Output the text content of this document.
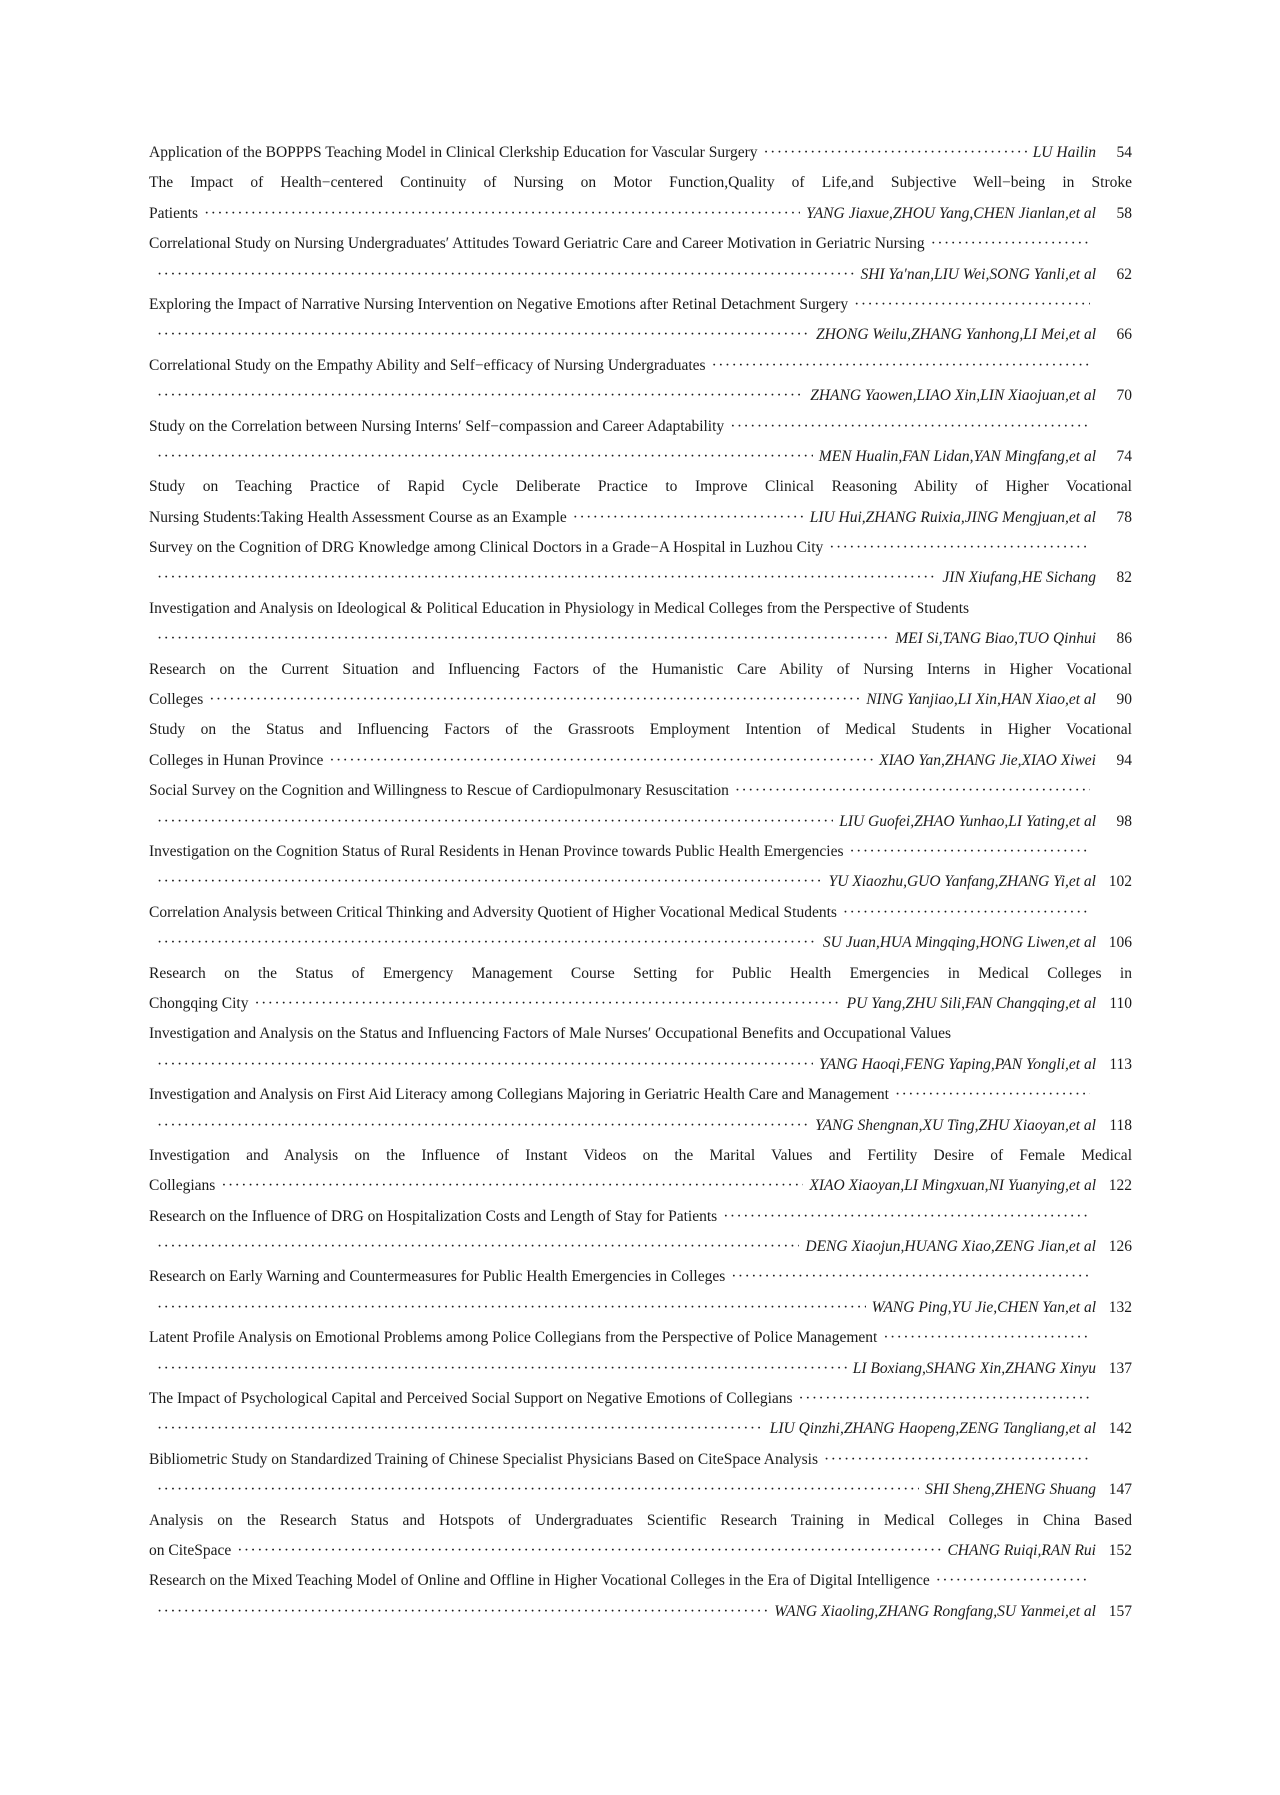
Application of the BOPPPS Teaching Model in Clinical Clerkship Education for Vascular Surgery ·····	LU Hailin	54
The Impact of Health−centered Continuity of Nursing on Motor Function,Quality of Life,and Subjective Well−being in Stroke
Patients ·····	YANG Jiaxue,ZHOU Yang,CHEN Jianlan,et al	58
Correlational Study on Nursing Undergraduates′ Attitudes Toward Geriatric Care and Career Motivation in Geriatric Nursing
·····
·····
SHI Ya′nan,LIU Wei,SONG Yanli,et al	62
Exploring the Impact of Narrative Nursing Intervention on Negative Emotions after Retinal Detachment Surgery
·····
·····
ZHONG Weilu,ZHANG Yanhong,LI Mei,et al	66
Correlational Study on the Empathy Ability and Self−efficacy of Nursing Undergraduates
·····
·····
ZHANG Yaowen,LIAO Xin,LIN Xiaojuan,et al	70
Study on the Correlation between Nursing Interns′ Self−compassion and Career Adaptability
·····
·····
MEN Hualin,FAN Lidan,YAN Mingfang,et al	74
Study on Teaching Practice of Rapid Cycle Deliberate Practice to Improve Clinical Reasoning Ability of Higher Vocational
Nursing Students:Taking Health Assessment Course as an Example ·····	LIU Hui,ZHANG Ruixia,JING Mengjuan,et al	78
Survey on the Cognition of DRG Knowledge among Clinical Doctors in a Grade−A Hospital in Luzhou City
·····
·····
JIN Xiufang,HE Sichang	82
Investigation and Analysis on Ideological & Political Education in Physiology in Medical Colleges from the Perspective of Students
·····
MEI Si,TANG Biao,TUO Qinhui	86
Research on the Current Situation and Influencing Factors of the Humanistic Care Ability of Nursing Interns in Higher Vocational
Colleges ·····	NING Yanjiao,LI Xin,HAN Xiao,et al	90
Study on the Status and Influencing Factors of the Grassroots Employment Intention of Medical Students in Higher Vocational
Colleges in Hunan Province ·····	XIAO Yan,ZHANG Jie,XIAO Xiwei	94
Social Survey on the Cognition and Willingness to Rescue of Cardiopulmonary Resuscitation
·····
·····
LIU Guofei,ZHAO Yunhao,LI Yating,et al	98
Investigation on the Cognition Status of Rural Residents in Henan Province towards Public Health Emergencies
·····
·····
YU Xiaozhu,GUO Yanfang,ZHANG Yi,et al 102
Correlation Analysis between Critical Thinking and Adversity Quotient of Higher Vocational Medical Students
·····
·····
SU Juan,HUA Mingqing,HONG Liwen,et al 106
Research on the Status of Emergency Management Course Setting for Public Health Emergencies in Medical Colleges in
Chongqing City ·····	PU Yang,ZHU Sili,FAN Changqing,et al 110
Investigation and Analysis on the Status and Influencing Factors of Male Nurses′ Occupational Benefits and Occupational Values
·····
YANG Haoqi,FENG Yaping,PAN Yongli,et al 113
Investigation and Analysis on First Aid Literacy among Collegians Majoring in Geriatric Health Care and Management
·····
·····
YANG Shengnan,XU Ting,ZHU Xiaoyan,et al 118
Investigation and Analysis on the Influence of Instant Videos on the Marital Values and Fertility Desire of Female Medical
Collegians ·····	XIAO Xiaoyan,LI Mingxuan,NI Yuanying,et al 122
Research on the Influence of DRG on Hospitalization Costs and Length of Stay for Patients
·····
·····
DENG Xiaojun,HUANG Xiao,ZENG Jian,et al 126
Research on Early Warning and Countermeasures for Public Health Emergencies in Colleges
·····
·····
WANG Ping,YU Jie,CHEN Yan,et al 132
Latent Profile Analysis on Emotional Problems among Police Collegians from the Perspective of Police Management
·····
·····
LI Boxiang,SHANG Xin,ZHANG Xinyu 137
The Impact of Psychological Capital and Perceived Social Support on Negative Emotions of Collegians
·····
·····
LIU Qinzhi,ZHANG Haopeng,ZENG Tangliang,et al 142
Bibliometric Study on Standardized Training of Chinese Specialist Physicians Based on CiteSpace Analysis
·····
·····
SHI Sheng,ZHENG Shuang 147
Analysis on the Research Status and Hotspots of Undergraduates Scientific Research Training in Medical Colleges in China Based
on CiteSpace ·····	CHANG Ruiqi,RAN Rui 152
Research on the Mixed Teaching Model of Online and Offline in Higher Vocational Colleges in the Era of Digital Intelligence
·····
·····
WANG Xiaoling,ZHANG Rongfang,SU Yanmei,et al 157
